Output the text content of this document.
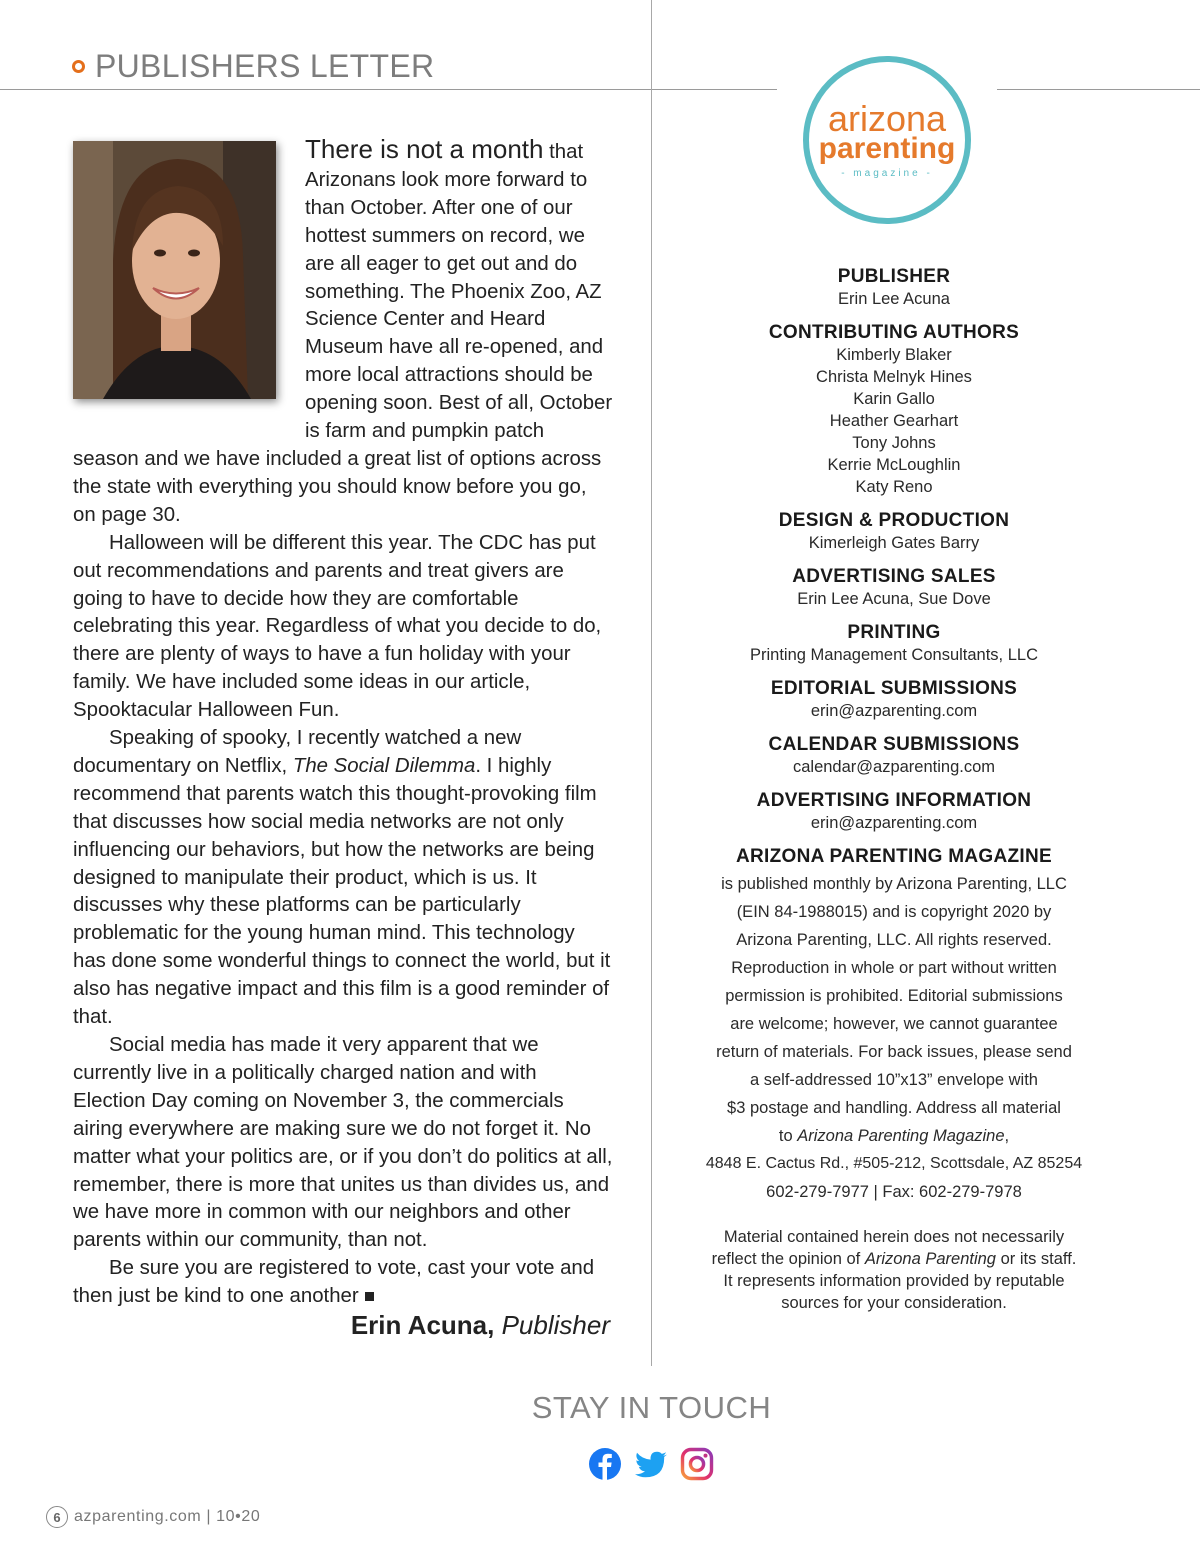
PUBLISHERS LETTER

There is not a month that Arizonans look more forward to than October. After one of our hottest summers on record, we are all eager to get out and do something. The Phoenix Zoo, AZ Science Center and Heard Museum have all re-opened, and more local attractions should be opening soon. Best of all, October is farm and pumpkin patch season and we have included a great list of options across the state with everything you should know before you go, on page 30.

Halloween will be different this year. The CDC has put out recommendations and parents and treat givers are going to have to decide how they are comfortable celebrating this year. Regardless of what you decide to do, there are plenty of ways to have a fun holiday with your family. We have included some ideas in our article, Spooktacular Halloween Fun.

Speaking of spooky, I recently watched a new documentary on Netflix, The Social Dilemma. I highly recommend that parents watch this thought-provoking film that discusses how social media networks are not only influencing our behaviors, but how the networks are being designed to manipulate their product, which is us. It discusses why these platforms can be particularly problematic for the young human mind. This technology has done some wonderful things to connect the world, but it also has negative impact and this film is a good reminder of that.

Social media has made it very apparent that we currently live in a politically charged nation and with Election Day coming on November 3, the commercials airing everywhere are making sure we do not forget it. No matter what your politics are, or if you don’t do politics at all, remember, there is more that unites us than divides us, and we have more in common with our neighbors and other parents within our community, than not.

Be sure you are registered to vote, cast your vote and then just be kind to one another

Erin Acuna, Publisher
arizona
parenting
- magazine -
PUBLISHER
Erin Lee Acuna
CONTRIBUTING AUTHORS
Kimberly Blaker
Christa Melnyk Hines
Karin Gallo
Heather Gearhart
Tony Johns
Kerrie McLoughlin
Katy Reno
DESIGN & PRODUCTION
Kimerleigh Gates Barry
ADVERTISING SALES
Erin Lee Acuna, Sue Dove
PRINTING
Printing Management Consultants, LLC
EDITORIAL SUBMISSIONS
erin@azparenting.com
CALENDAR SUBMISSIONS
calendar@azparenting.com
ADVERTISING INFORMATION
erin@azparenting.com
ARIZONA PARENTING MAGAZINE
is published monthly by Arizona Parenting, LLC
(EIN 84-1988015) and is copyright 2020 by
Arizona Parenting, LLC. All rights reserved.
Reproduction in whole or part without written
permission is prohibited. Editorial submissions
are welcome; however, we cannot guarantee
return of materials. For back issues, please send
a self-addressed 10”x13” envelope with
$3 postage and handling. Address all material
to Arizona Parenting Magazine,
4848 E. Cactus Rd., #505-212, Scottsdale, AZ 85254
602-279-7977 | Fax: 602-279-7978
Material contained herein does not necessarily
reflect the opinion of Arizona Parenting or its staff.
It represents information provided by reputable
sources for your consideration.
STAY IN TOUCH
6 azparenting.com | 10•20
